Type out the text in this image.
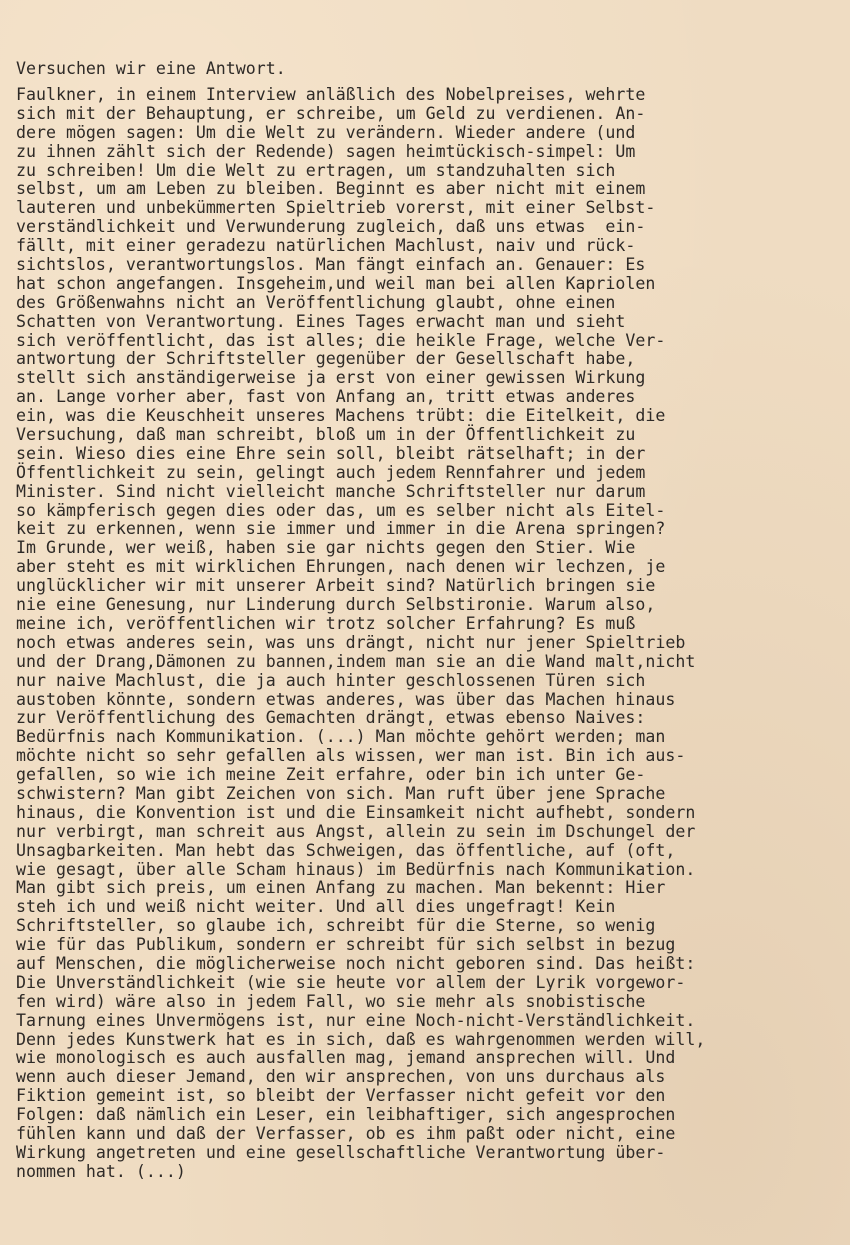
Versuchen wir eine Antwort.
Faulkner, in einem Interview anläßlich des Nobelpreises, wehrte
sich mit der Behauptung, er schreibe, um Geld zu verdienen. An-
dere mögen sagen: Um die Welt zu verändern. Wieder andere (und
zu ihnen zählt sich der Redende) sagen heimtückisch-simpel: Um
zu schreiben! Um die Welt zu ertragen, um standzuhalten sich
selbst, um am Leben zu bleiben. Beginnt es aber nicht mit einem
lauteren und unbekümmerten Spieltrieb vorerst, mit einer Selbst-
verständlichkeit und Verwunderung zugleich, daß uns etwas  ein-
fällt, mit einer geradezu natürlichen Machlust, naiv und rück-
sichtslos, verantwortungslos. Man fängt einfach an. Genauer: Es
hat schon angefangen. Insgeheim,und weil man bei allen Kapriolen
des Größenwahns nicht an Veröffentlichung glaubt, ohne einen
Schatten von Verantwortung. Eines Tages erwacht man und sieht
sich veröffentlicht, das ist alles; die heikle Frage, welche Ver-
antwortung der Schriftsteller gegenüber der Gesellschaft habe,
stellt sich anständigerweise ja erst von einer gewissen Wirkung
an. Lange vorher aber, fast von Anfang an, tritt etwas anderes
ein, was die Keuschheit unseres Machens trübt: die Eitelkeit, die
Versuchung, daß man schreibt, bloß um in der Öffentlichkeit zu
sein. Wieso dies eine Ehre sein soll, bleibt rätselhaft; in der
Öffentlichkeit zu sein, gelingt auch jedem Rennfahrer und jedem
Minister. Sind nicht vielleicht manche Schriftsteller nur darum
so kämpferisch gegen dies oder das, um es selber nicht als Eitel-
keit zu erkennen, wenn sie immer und immer in die Arena springen?
Im Grunde, wer weiß, haben sie gar nichts gegen den Stier. Wie
aber steht es mit wirklichen Ehrungen, nach denen wir lechzen, je
unglücklicher wir mit unserer Arbeit sind? Natürlich bringen sie
nie eine Genesung, nur Linderung durch Selbstironie. Warum also,
meine ich, veröffentlichen wir trotz solcher Erfahrung? Es muß
noch etwas anderes sein, was uns drängt, nicht nur jener Spieltrieb
und der Drang,Dämonen zu bannen,indem man sie an die Wand malt,nicht
nur naive Machlust, die ja auch hinter geschlossenen Türen sich
austoben könnte, sondern etwas anderes, was über das Machen hinaus
zur Veröffentlichung des Gemachten drängt, etwas ebenso Naives:
Bedürfnis nach Kommunikation. (...) Man möchte gehört werden; man
möchte nicht so sehr gefallen als wissen, wer man ist. Bin ich aus-
gefallen, so wie ich meine Zeit erfahre, oder bin ich unter Ge-
schwistern? Man gibt Zeichen von sich. Man ruft über jene Sprache
hinaus, die Konvention ist und die Einsamkeit nicht aufhebt, sondern
nur verbirgt, man schreit aus Angst, allein zu sein im Dschungel der
Unsagbarkeiten. Man hebt das Schweigen, das öffentliche, auf (oft,
wie gesagt, über alle Scham hinaus) im Bedürfnis nach Kommunikation.
Man gibt sich preis, um einen Anfang zu machen. Man bekennt: Hier
steh ich und weiß nicht weiter. Und all dies ungefragt! Kein
Schriftsteller, so glaube ich, schreibt für die Sterne, so wenig
wie für das Publikum, sondern er schreibt für sich selbst in bezug
auf Menschen, die möglicherweise noch nicht geboren sind. Das heißt:
Die Unverständlichkeit (wie sie heute vor allem der Lyrik vorgewor-
fen wird) wäre also in jedem Fall, wo sie mehr als snobistische
Tarnung eines Unvermögens ist, nur eine Noch-nicht-Verständlichkeit.
Denn jedes Kunstwerk hat es in sich, daß es wahrgenommen werden will,
wie monologisch es auch ausfallen mag, jemand ansprechen will. Und
wenn auch dieser Jemand, den wir ansprechen, von uns durchaus als
Fiktion gemeint ist, so bleibt der Verfasser nicht gefeit vor den
Folgen: daß nämlich ein Leser, ein leibhaftiger, sich angesprochen
fühlen kann und daß der Verfasser, ob es ihm paßt oder nicht, eine
Wirkung angetreten und eine gesellschaftliche Verantwortung über-
nommen hat. (...)
